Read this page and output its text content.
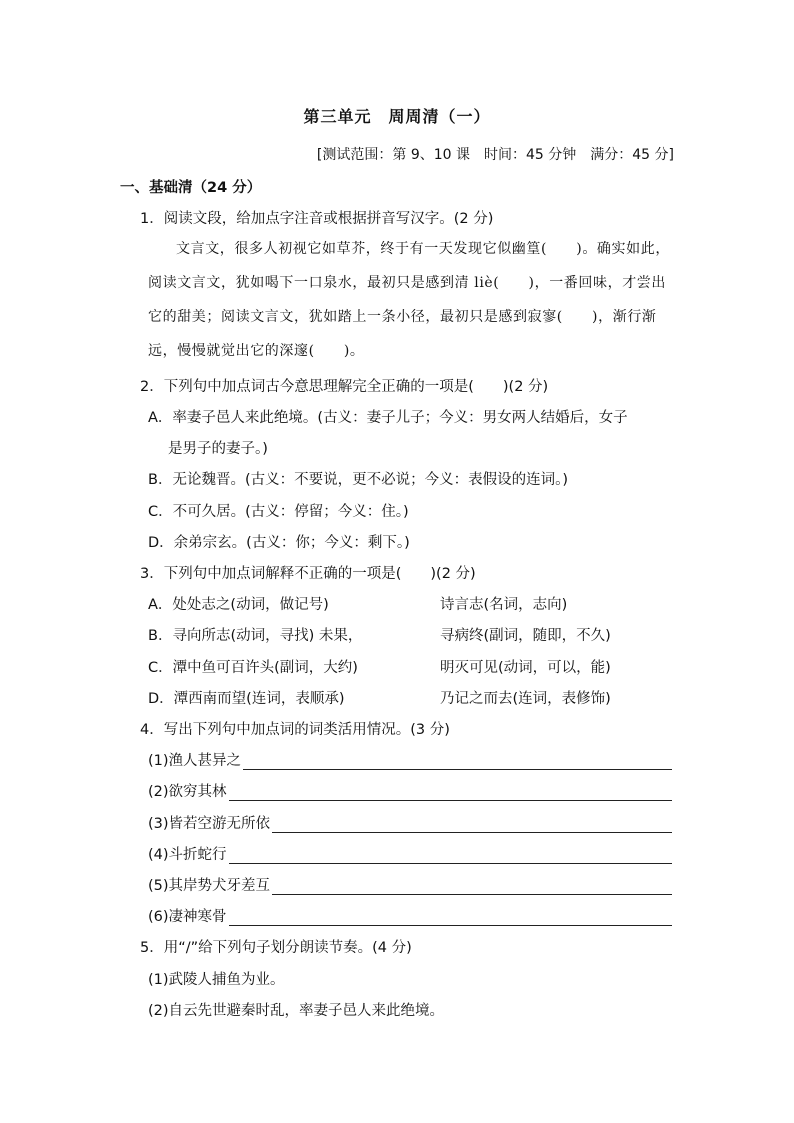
第三单元　周周清（一）
[测试范围：第 9、10 课　时间：45 分钟　满分：45 分]
一、基础清（24 分）
1．阅读文段，给加点字注音或根据拼音写汉字。(2 分)
文言文，很多人初视它如草芥，终于有一天发现它似幽篁(　　)。确实如此，阅读文言文，犹如喝下一口泉水，最初只是感到清 liè(　　)，一番回味，才尝出它的甜美；阅读文言文，犹如踏上一条小径，最初只是感到寂寥(　　)，渐行渐远，慢慢就觉出它的深邃(　　)。
2．下列句中加点词古今意思理解完全正确的一项是(　　)(2 分)
A．率妻子邑人来此绝境。(古义：妻子儿子；今义：男女两人结婚后，女子
是男子的妻子。)
B．无论魏晋。(古义：不要说，更不必说；今义：表假设的连词。)
C．不可久居。(古义：停留；今义：住。)
D．余弟宗玄。(古义：你；今义：剩下。)
3．下列句中加点词解释不正确的一项是(　　)(2 分)
A．处处志之(动词，做记号)	诗言志(名词，志向)
B．寻向所志(动词，寻找) 未果，	寻病终(副词，随即，不久)
C．潭中鱼可百许头(副词，大约)	明灭可见(动词，可以，能)
D．潭西南而望(连词，表顺承)	乃记之而去(连词，表修饰)
4．写出下列句中加点词的词类活用情况。(3 分)
(1)渔人甚异之
(2)欲穷其林
(3)皆若空游无所依
(4)斗折蛇行
(5)其岸势犬牙差互
(6)凄神寒骨
5．用“/”给下列句子划分朗读节奏。(4 分)
(1)武陵人捕鱼为业。
(2)自云先世避秦时乱，率妻子邑人来此绝境。
